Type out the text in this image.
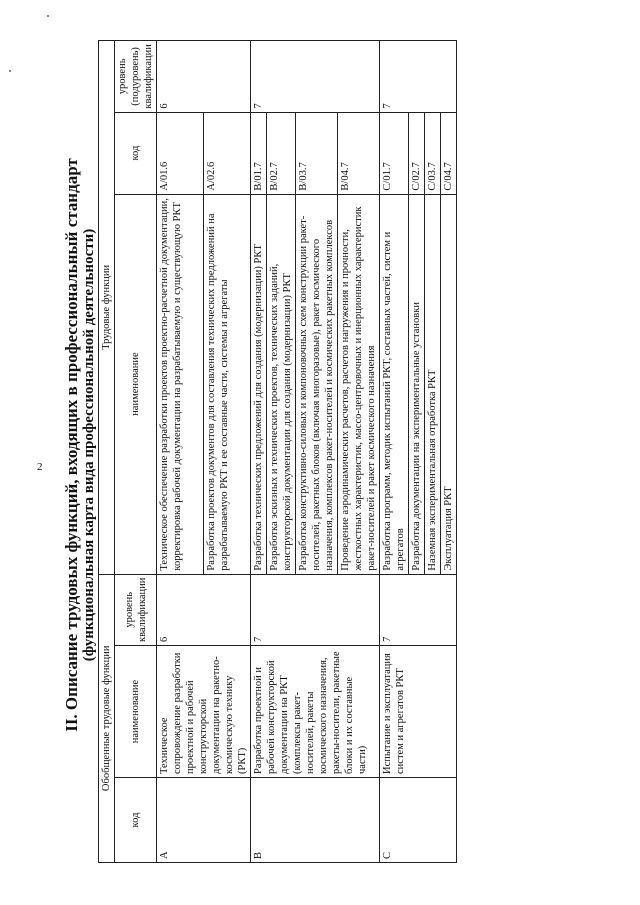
2 II. Описание трудовых функций, входящих в профессиональный стандарт (функциональная карта вида профессиональной деятельности)
Обобщенные трудовые функции			Трудовые функции		
код	наименование	уровень квалификации	наименование	код	уровень (подуровень) квалификации
A	Техническое сопровождение разработки проектной и рабочей конструкторской документации на ракетно-космическую технику (РКТ)	6	Техническое обеспечение разработки проектов проектно-расчетной документации, корректировка рабочей документации на разрабатываемую и существующую РКТ	A/01.6	6
			Разработка проектов документов для составления технических предложений на разрабатываемую РКТ и ее составные части, системы и агрегаты	A/02.6	
B	Разработка проектной и рабочей конструкторской документации на РКТ (комплексы ракет-носителей, ракеты космического назначения, ракеты-носители, ракетные блоки и их составные части)	7	Разработка технических предложений для создания (модернизации) РКТ	B/01.7	7
			Разработка эскизных и технических проектов, технических заданий, конструкторской документации для создания (модернизации) РКТ	B/02.7	
			Разработка конструктивно-силовых и компоновочных схем конструкции ракет-носителей, ракетных блоков (включая многоразовые), ракет космического назначения, комплексов ракет-носителей и космических ракетных комплексов	B/03.7	
			Проведение аэродинамических расчетов, расчетов нагружения и прочности, жесткостных характеристик, массо-центровочных и инерционных характеристик ракет-носителей и ракет космического назначения	B/04.7	
C	Испытание и эксплуатация систем и агрегатов РКТ	7	Разработка программ, методик испытаний РКТ, составных частей, систем и агрегатов	C/01.7	7
			Разработка документации на экспериментальные установки	C/02.7	
			Наземная экспериментальная отработка РКТ	C/03.7	
			Эксплуатация РКТ	C/04.7	
